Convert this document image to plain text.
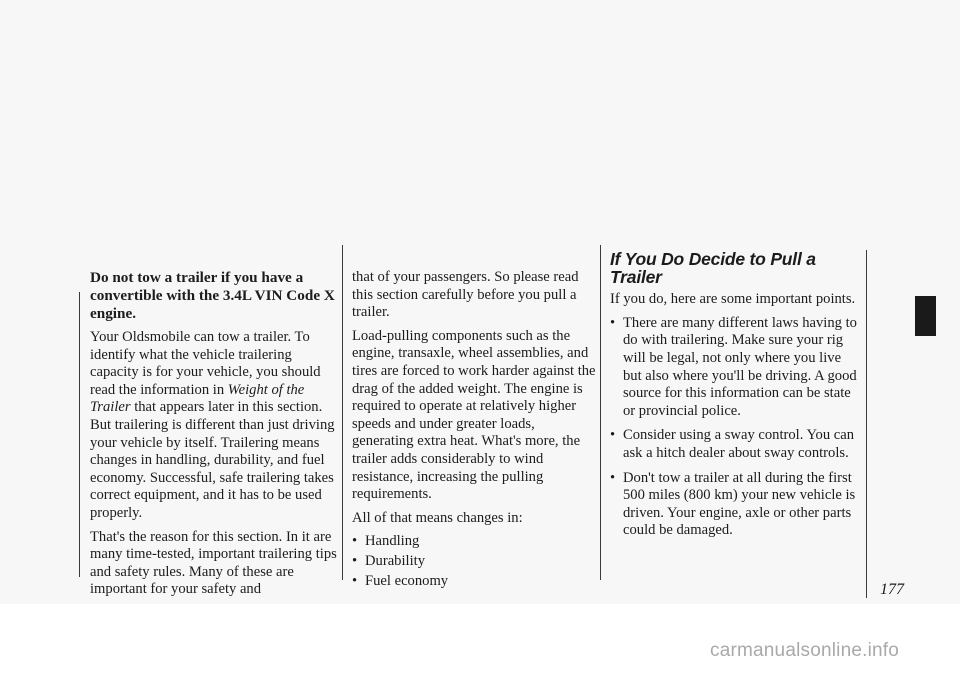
Do not tow a trailer if you have a convertible with the 3.4L VIN Code X engine.

Your Oldsmobile can tow a trailer. To identify what the vehicle trailering capacity is for your vehicle, you should read the information in Weight of the Trailer that appears later in this section. But trailering is different than just driving your vehicle by itself. Trailering means changes in handling, durability, and fuel economy. Successful, safe trailering takes correct equipment, and it has to be used properly.

That's the reason for this section. In it are many time-tested, important trailering tips and safety rules. Many of these are important for your safety and

that of your passengers. So please read this section carefully before you pull a trailer.

Load-pulling components such as the engine, transaxle, wheel assemblies, and tires are forced to work harder against the drag of the added weight. The engine is required to operate at relatively higher speeds and under greater loads, generating extra heat. What's more, the trailer adds considerably to wind resistance, increasing the pulling requirements.

All of that means changes in:

• Handling
• Durability
• Fuel economy
If You Do Decide to Pull a Trailer

If you do, here are some important points.

• There are many different laws having to do with trailering. Make sure your rig will be legal, not only where you live but also where you'll be driving. A good source for this information can be state or provincial police.
• Consider using a sway control. You can ask a hitch dealer about sway controls.
• Don't tow a trailer at all during the first 500 miles (800 km) your new vehicle is driven. Your engine, axle or other parts could be damaged.
177
carmanualsonline.info
